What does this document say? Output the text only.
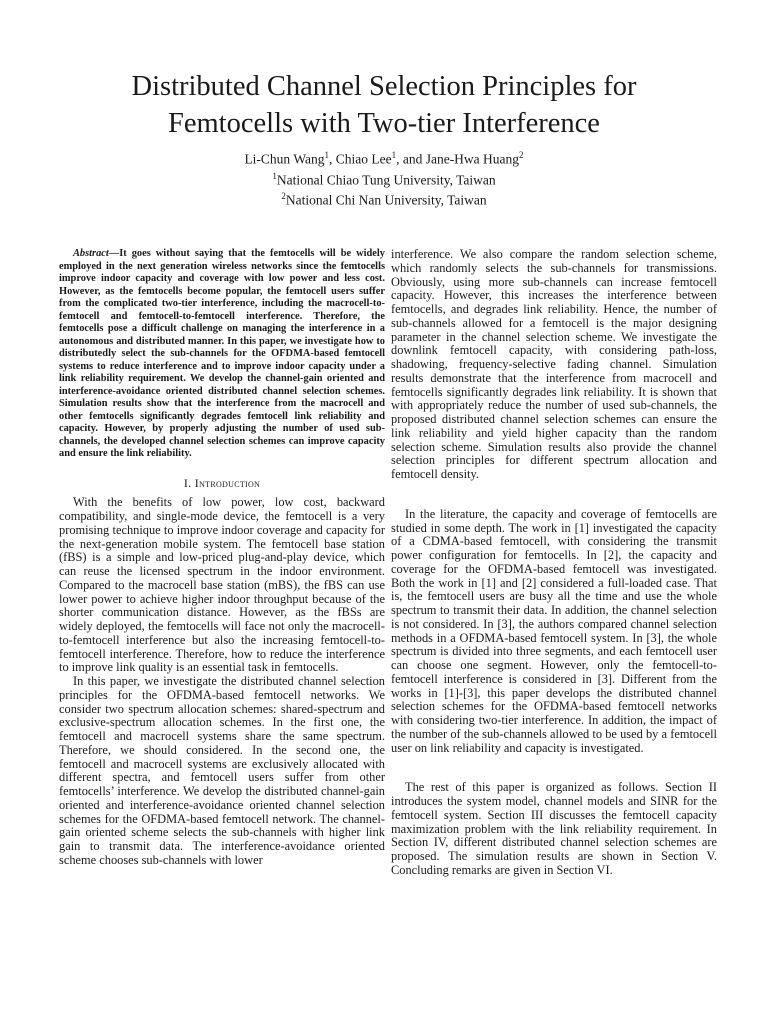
Distributed Channel Selection Principles for
Femtocells with Two-tier Interference
Li-Chun Wang$^1$, Chiao Lee$^1$, and Jane-Hwa Huang$^2$
$^1$National Chiao Tung University, Taiwan
$^2$National Chi Nan University, Taiwan

Abstract—It goes without saying that the femtocells will be widely employed in the next generation wireless networks since the femtocells improve indoor capacity and coverage with low power and less cost. However, as the femtocells become popular, the femtocell users suffer from the complicated two-tier interference, including the macrocell-to-femtocell and femtocell-to-femtocell interference. Therefore, the femtocells pose a difficult challenge on managing the interference in a autonomous and distributed manner. In this paper, we investigate how to distributedly select the sub-channels for the OFDMA-based femtocell systems to reduce interference and to improve indoor capacity under a link reliability requirement. We develop the channel-gain oriented and interference-avoidance oriented distributed channel selection schemes. Simulation results show that the interference from the macrocell and other femtocells significantly degrades femtocell link reliability and capacity. However, by properly adjusting the number of used sub-channels, the developed channel selection schemes can improve capacity and ensure the link reliability.

I. Introduction

With the benefits of low power, low cost, backward compatibility, and single-mode device, the femtocell is a very promising technique to improve indoor coverage and capacity for the next-generation mobile system. The femtocell base station (fBS) is a simple and low-priced plug-and-play device, which can reuse the licensed spectrum in the indoor environment. Compared to the macrocell base station (mBS), the fBS can use lower power to achieve higher indoor throughput because of the shorter communication distance. However, as the fBSs are widely deployed, the femtocells will face not only the macrocell-to-femtocell interference but also the increasing femtocell-to-femtocell interference. Therefore, how to reduce the interference to improve link quality is an essential task in femtocells.

In this paper, we investigate the distributed channel selection principles for the OFDMA-based femtocell networks. We consider two spectrum allocation schemes: shared-spectrum and exclusive-spectrum allocation schemes. In the first one, the femtocell and macrocell systems share the same spectrum. Therefore, we should considered. In the second one, the femtocell and macrocell systems are exclusively allocated with different spectra, and femtocell users suffer from other femtocells’ interference. We develop the distributed channel-gain oriented and interference-avoidance oriented channel selection schemes for the OFDMA-based femtocell network. The channel-gain oriented scheme selects the sub-channels with higher link gain to transmit data. The interference-avoidance oriented scheme chooses sub-channels with lower

interference. We also compare the random selection scheme, which randomly selects the sub-channels for transmissions. Obviously, using more sub-channels can increase femtocell capacity. However, this increases the interference between femtocells, and degrades link reliability. Hence, the number of sub-channels allowed for a femtocell is the major designing parameter in the channel selection scheme. We investigate the downlink femtocell capacity, with considering path-loss, shadowing, frequency-selective fading channel. Simulation results demonstrate that the interference from macrocell and femtocells significantly degrades link reliability. It is shown that with appropriately reduce the number of used sub-channels, the proposed distributed channel selection schemes can ensure the link reliability and yield higher capacity than the random selection scheme. Simulation results also provide the channel selection principles for different spectrum allocation and femtocell density.

In the literature, the capacity and coverage of femtocells are studied in some depth. The work in [1] investigated the capacity of a CDMA-based femtocell, with considering the transmit power configuration for femtocells. In [2], the capacity and coverage for the OFDMA-based femtocell was investigated. Both the work in [1] and [2] considered a full-loaded case. That is, the femtocell users are busy all the time and use the whole spectrum to transmit their data. In addition, the channel selection is not considered. In [3], the authors compared channel selection methods in a OFDMA-based femtocell system. In [3], the whole spectrum is divided into three segments, and each femtocell user can choose one segment. However, only the femtocell-to-femtocell interference is considered in [3]. Different from the works in [1]-[3], this paper develops the distributed channel selection schemes for the OFDMA-based femtocell networks with considering two-tier interference. In addition, the impact of the number of the sub-channels allowed to be used by a femtocell user on link reliability and capacity is investigated.

The rest of this paper is organized as follows. Section II introduces the system model, channel models and SINR for the femtocell system. Section III discusses the femtocell capacity maximization problem with the link reliability requirement. In Section IV, different distributed channel selection schemes are proposed. The simulation results are shown in Section V. Concluding remarks are given in Section VI.
